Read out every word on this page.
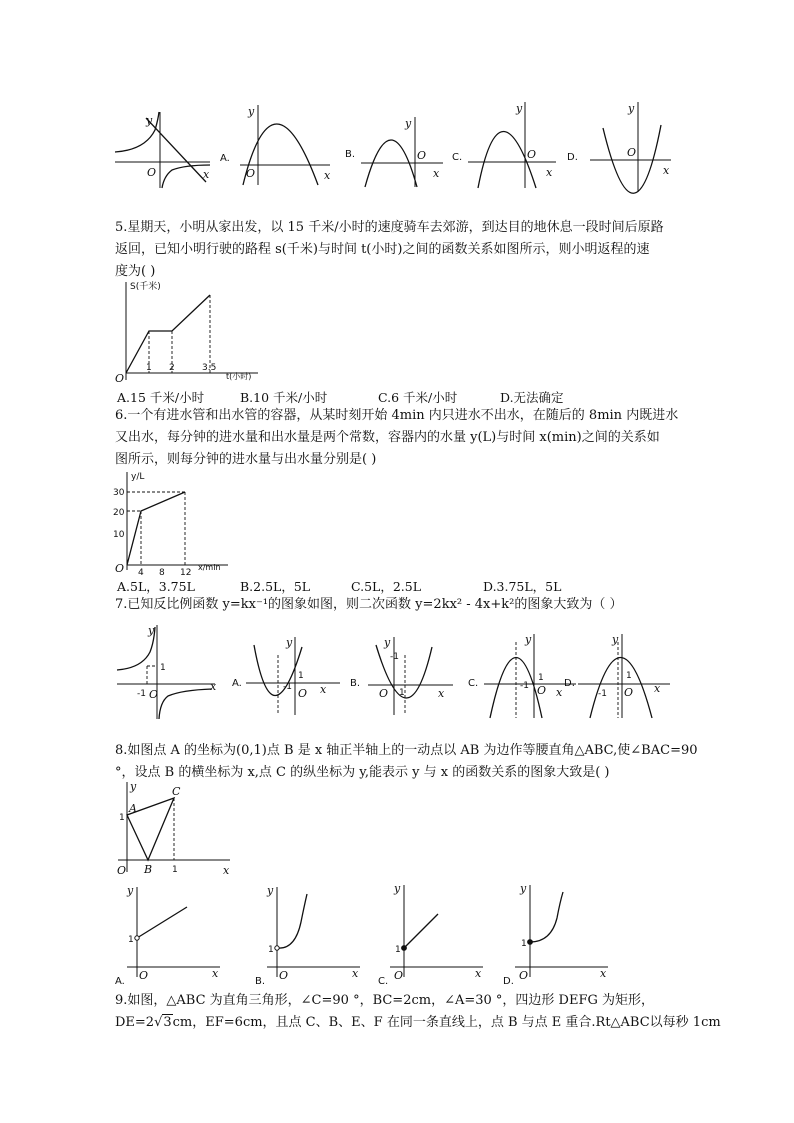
y
x
O
A.
y
x
O
B.
y
x
O	C.
y
x
O	D.
y
x
O
5.星期天，小明从家出发，以 15 千米/小时的速度骑车去郊游，到达目的地休息一段时间后原路
返回，已知小明行驶的路程 s(千米)与时间 t(小时)之间的函数关系如图所示，则小明返程的速
度为( )
S(千米)
t(小时)
O
1 2	3.5
A.15 千米/小时	B.10 千米/小时	C.6 千米/小时	D.无法确定
6.一个有进水管和出水管的容器，从某时刻开始 4min 内只进水不出水，在随后的 8min 内既进水
又出水，每分钟的进水量和出水量是两个常数，容器内的水量 y(L)与时间 x(min)之间的关系如
图所示，则每分钟的进水量与出水量分别是( )
y/L
x/min
O
30
20
10
4 8 12
A.5L，3.75L	B.2.5L，5L	C.5L，2.5L	D.3.75L，5L
7.已知反比例函数 y=kx⁻¹的图象如图，则二次函数 y=2kx² - 4x+k²的图象大致为（ ）
y
x
O
-1
1
A.
y
x
O
-1
1
B.
y
x
O
-1
1
C.
y
x
O
-1
1 D.
y
x
O
-1
1
8.如图点 A 的坐标为(0,1)点 B 是 x 轴正半轴上的一动点以 AB 为边作等腰直角△ABC,使∠BAC=90
°，设点 B 的横坐标为 x,点 C 的纵坐标为 y,能表示 y 与 x 的函数关系的图象大致是( )
A
C
B
1
1	x
y
O
A.
1
y
x
O	B.
1
y
x
O	C.
1
y
x
O	D.
1
y
x
O
9.如图，△ABC 为直角三角形，∠C=90 °，BC=2cm，∠A=30 °，四边形 DEFG 为矩形，
DE=2√3cm，EF=6cm，且点 C、B、E、F 在同一条直线上，点 B 与点 E 重合.Rt△ABC以每秒 1cm
